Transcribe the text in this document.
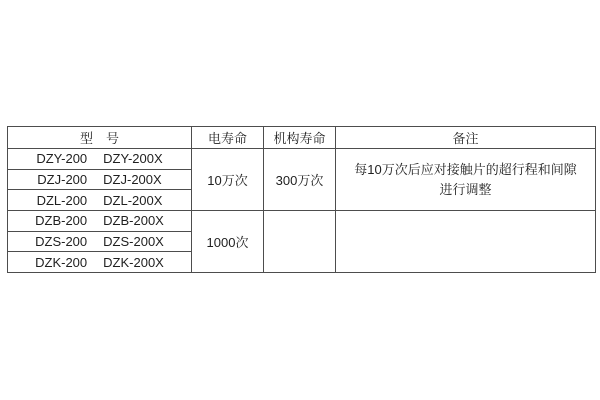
型　号	电寿命	机构寿命	备注
DZY-200 DZY-200X	10万次	300万次	每10万次后应对接触片的超行程和间隙
进行调整

DZJ-200 DZJ-200X			
DZL-200 DZL-200X			
DZB-200 DZB-200X	1000次		

DZS-200 DZS-200X			
DZK-200 DZK-200X			
